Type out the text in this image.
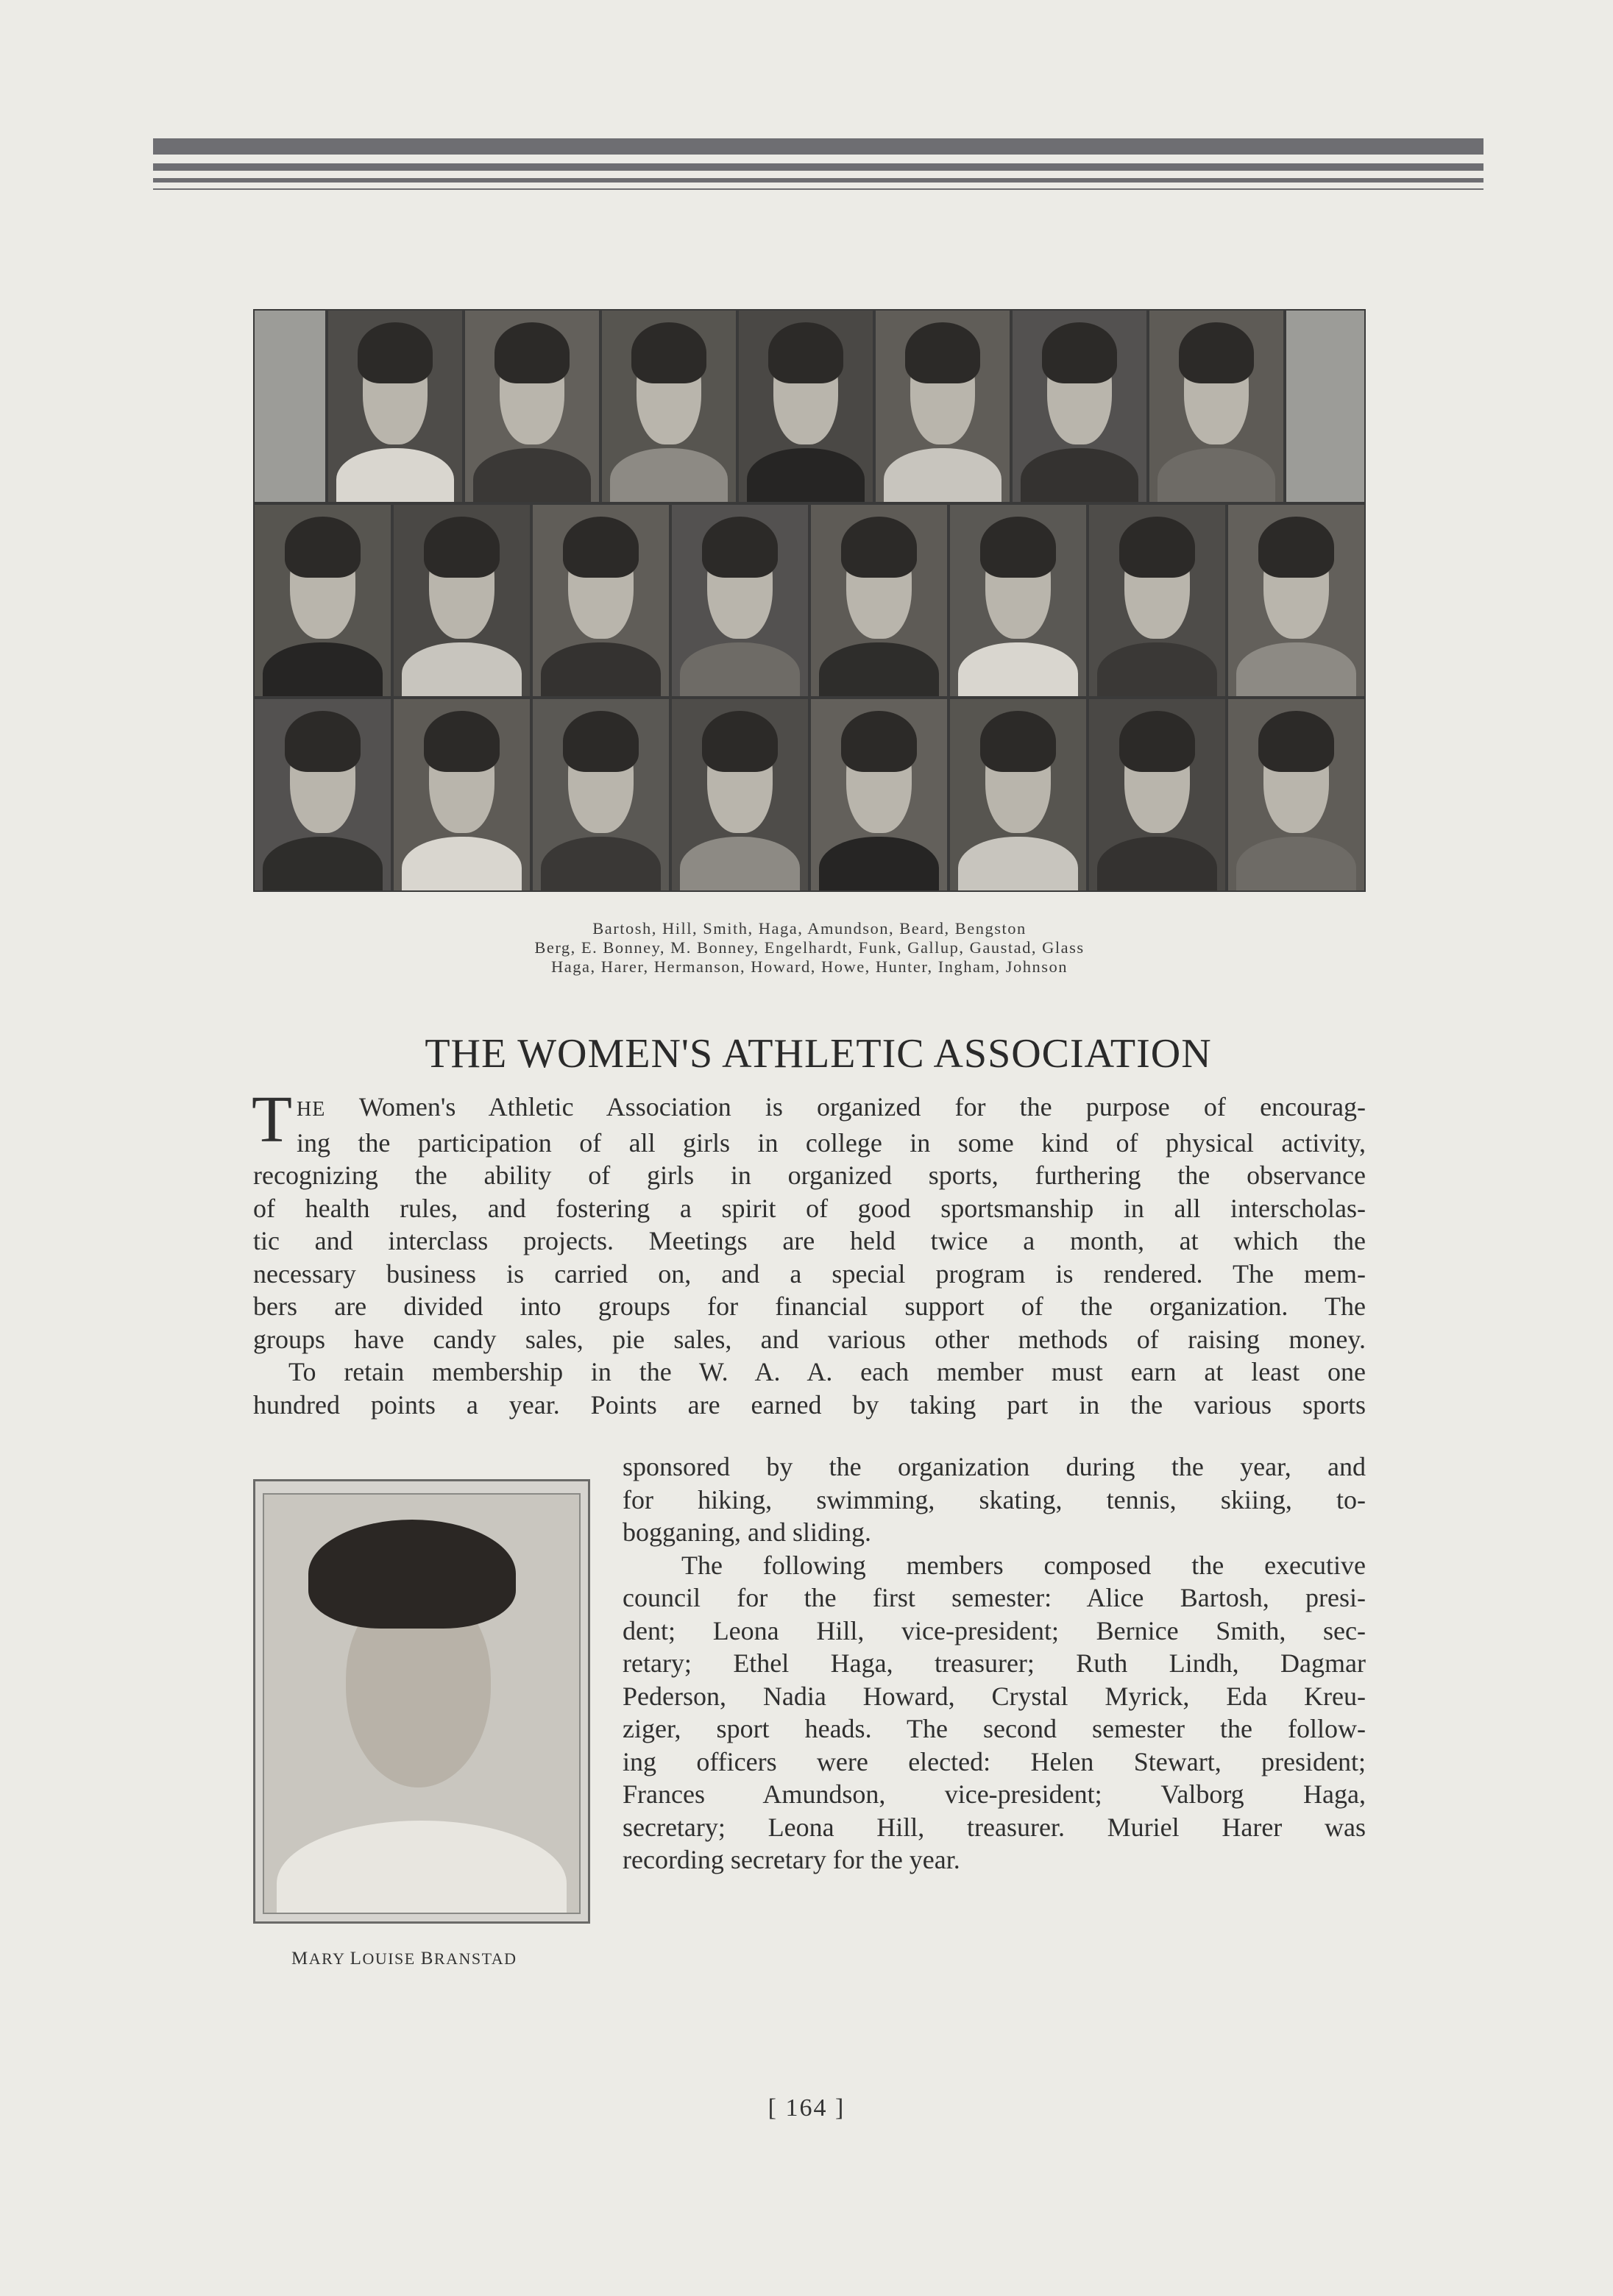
Bartosh, Hill, Smith, Haga, Amundson, Beard, Bengston
Berg, E. Bonney, M. Bonney, Engelhardt, Funk, Gallup, Gaustad, Glass
Haga, Harer, Hermanson, Howard, Howe, Hunter, Ingham, Johnson
THE WOMEN'S ATHLETIC ASSOCIATION
T HE Women's Athletic Association is organized for the purpose of encourag-
ing the participation of all girls in college in some kind of physical activity,
recognizing the ability of girls in organized sports, furthering the observance
of health rules, and fostering a spirit of good sportsmanship in all interscholas-
tic and interclass projects. Meetings are held twice a month, at which the
necessary business is carried on, and a special program is rendered. The mem-
bers are divided into groups for financial support of the organization. The
groups have candy sales, pie sales, and various other methods of raising money.
To retain membership in the W. A. A. each member must earn at least one
hundred points a year. Points are earned by taking part in the various sports
sponsored by the organization during the year, and
for hiking, swimming, skating, tennis, skiing, to-
bogganing, and sliding.
The following members composed the executive
council for the first semester: Alice Bartosh, presi-
dent; Leona Hill, vice-president; Bernice Smith, sec-
retary; Ethel Haga, treasurer; Ruth Lindh, Dagmar
Pederson, Nadia Howard, Crystal Myrick, Eda Kreu-
ziger, sport heads. The second semester the follow-
ing officers were elected: Helen Stewart, president;
Frances Amundson, vice-president; Valborg Haga,
secretary; Leona Hill, treasurer. Muriel Harer was
recording secretary for the year.
MARY LOUISE BRANSTAD
[ 164 ]
